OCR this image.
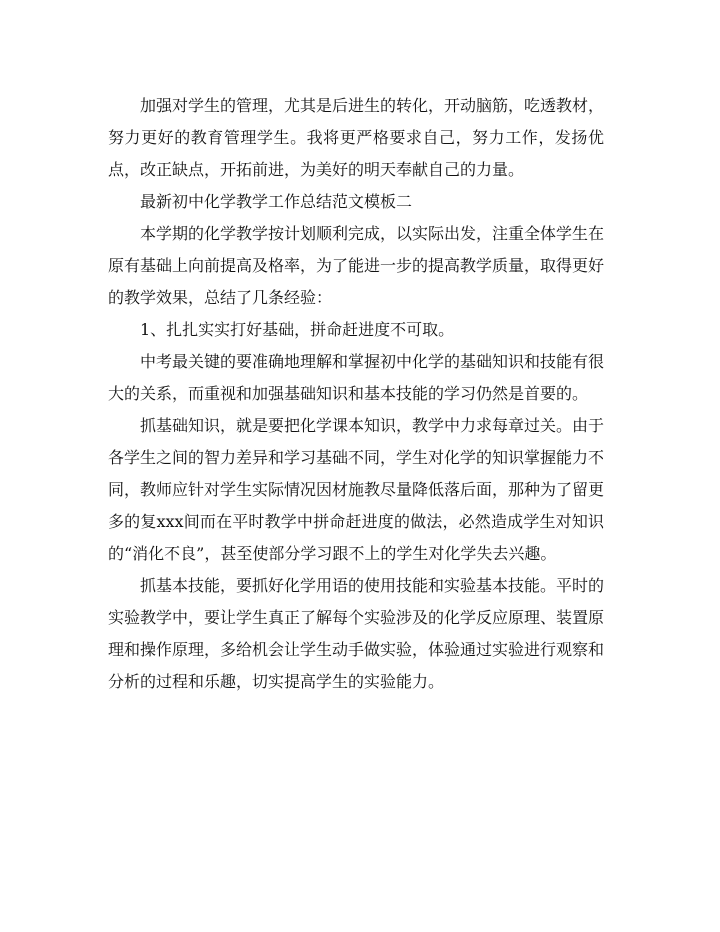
加强对学生的管理，尤其是后进生的转化，开动脑筋，吃透教材，努力更好的教育管理学生。我将更严格要求自己，努力工作，发扬优点，改正缺点，开拓前进，为美好的明天奉献自己的力量。

最新初中化学教学工作总结范文模板二

本学期的化学教学按计划顺利完成，以实际出发，注重全体学生在原有基础上向前提高及格率，为了能进一步的提高教学质量，取得更好的教学效果，总结了几条经验：

1、扎扎实实打好基础，拼命赶进度不可取。

中考最关键的要准确地理解和掌握初中化学的基础知识和技能有很大的关系，而重视和加强基础知识和基本技能的学习仍然是首要的。

抓基础知识，就是要把化学课本知识，教学中力求每章过关。由于各学生之间的智力差异和学习基础不同，学生对化学的知识掌握能力不同，教师应针对学生实际情况因材施教尽量降低落后面，那种为了留更多的复xxx间而在平时教学中拼命赶进度的做法，必然造成学生对知识的“消化不良”，甚至使部分学习跟不上的学生对化学失去兴趣。

抓基本技能，要抓好化学用语的使用技能和实验基本技能。平时的实验教学中，要让学生真正了解每个实验涉及的化学反应原理、装置原理和操作原理，多给机会让学生动手做实验，体验通过实验进行观察和分析的过程和乐趣，切实提高学生的实验能力。
